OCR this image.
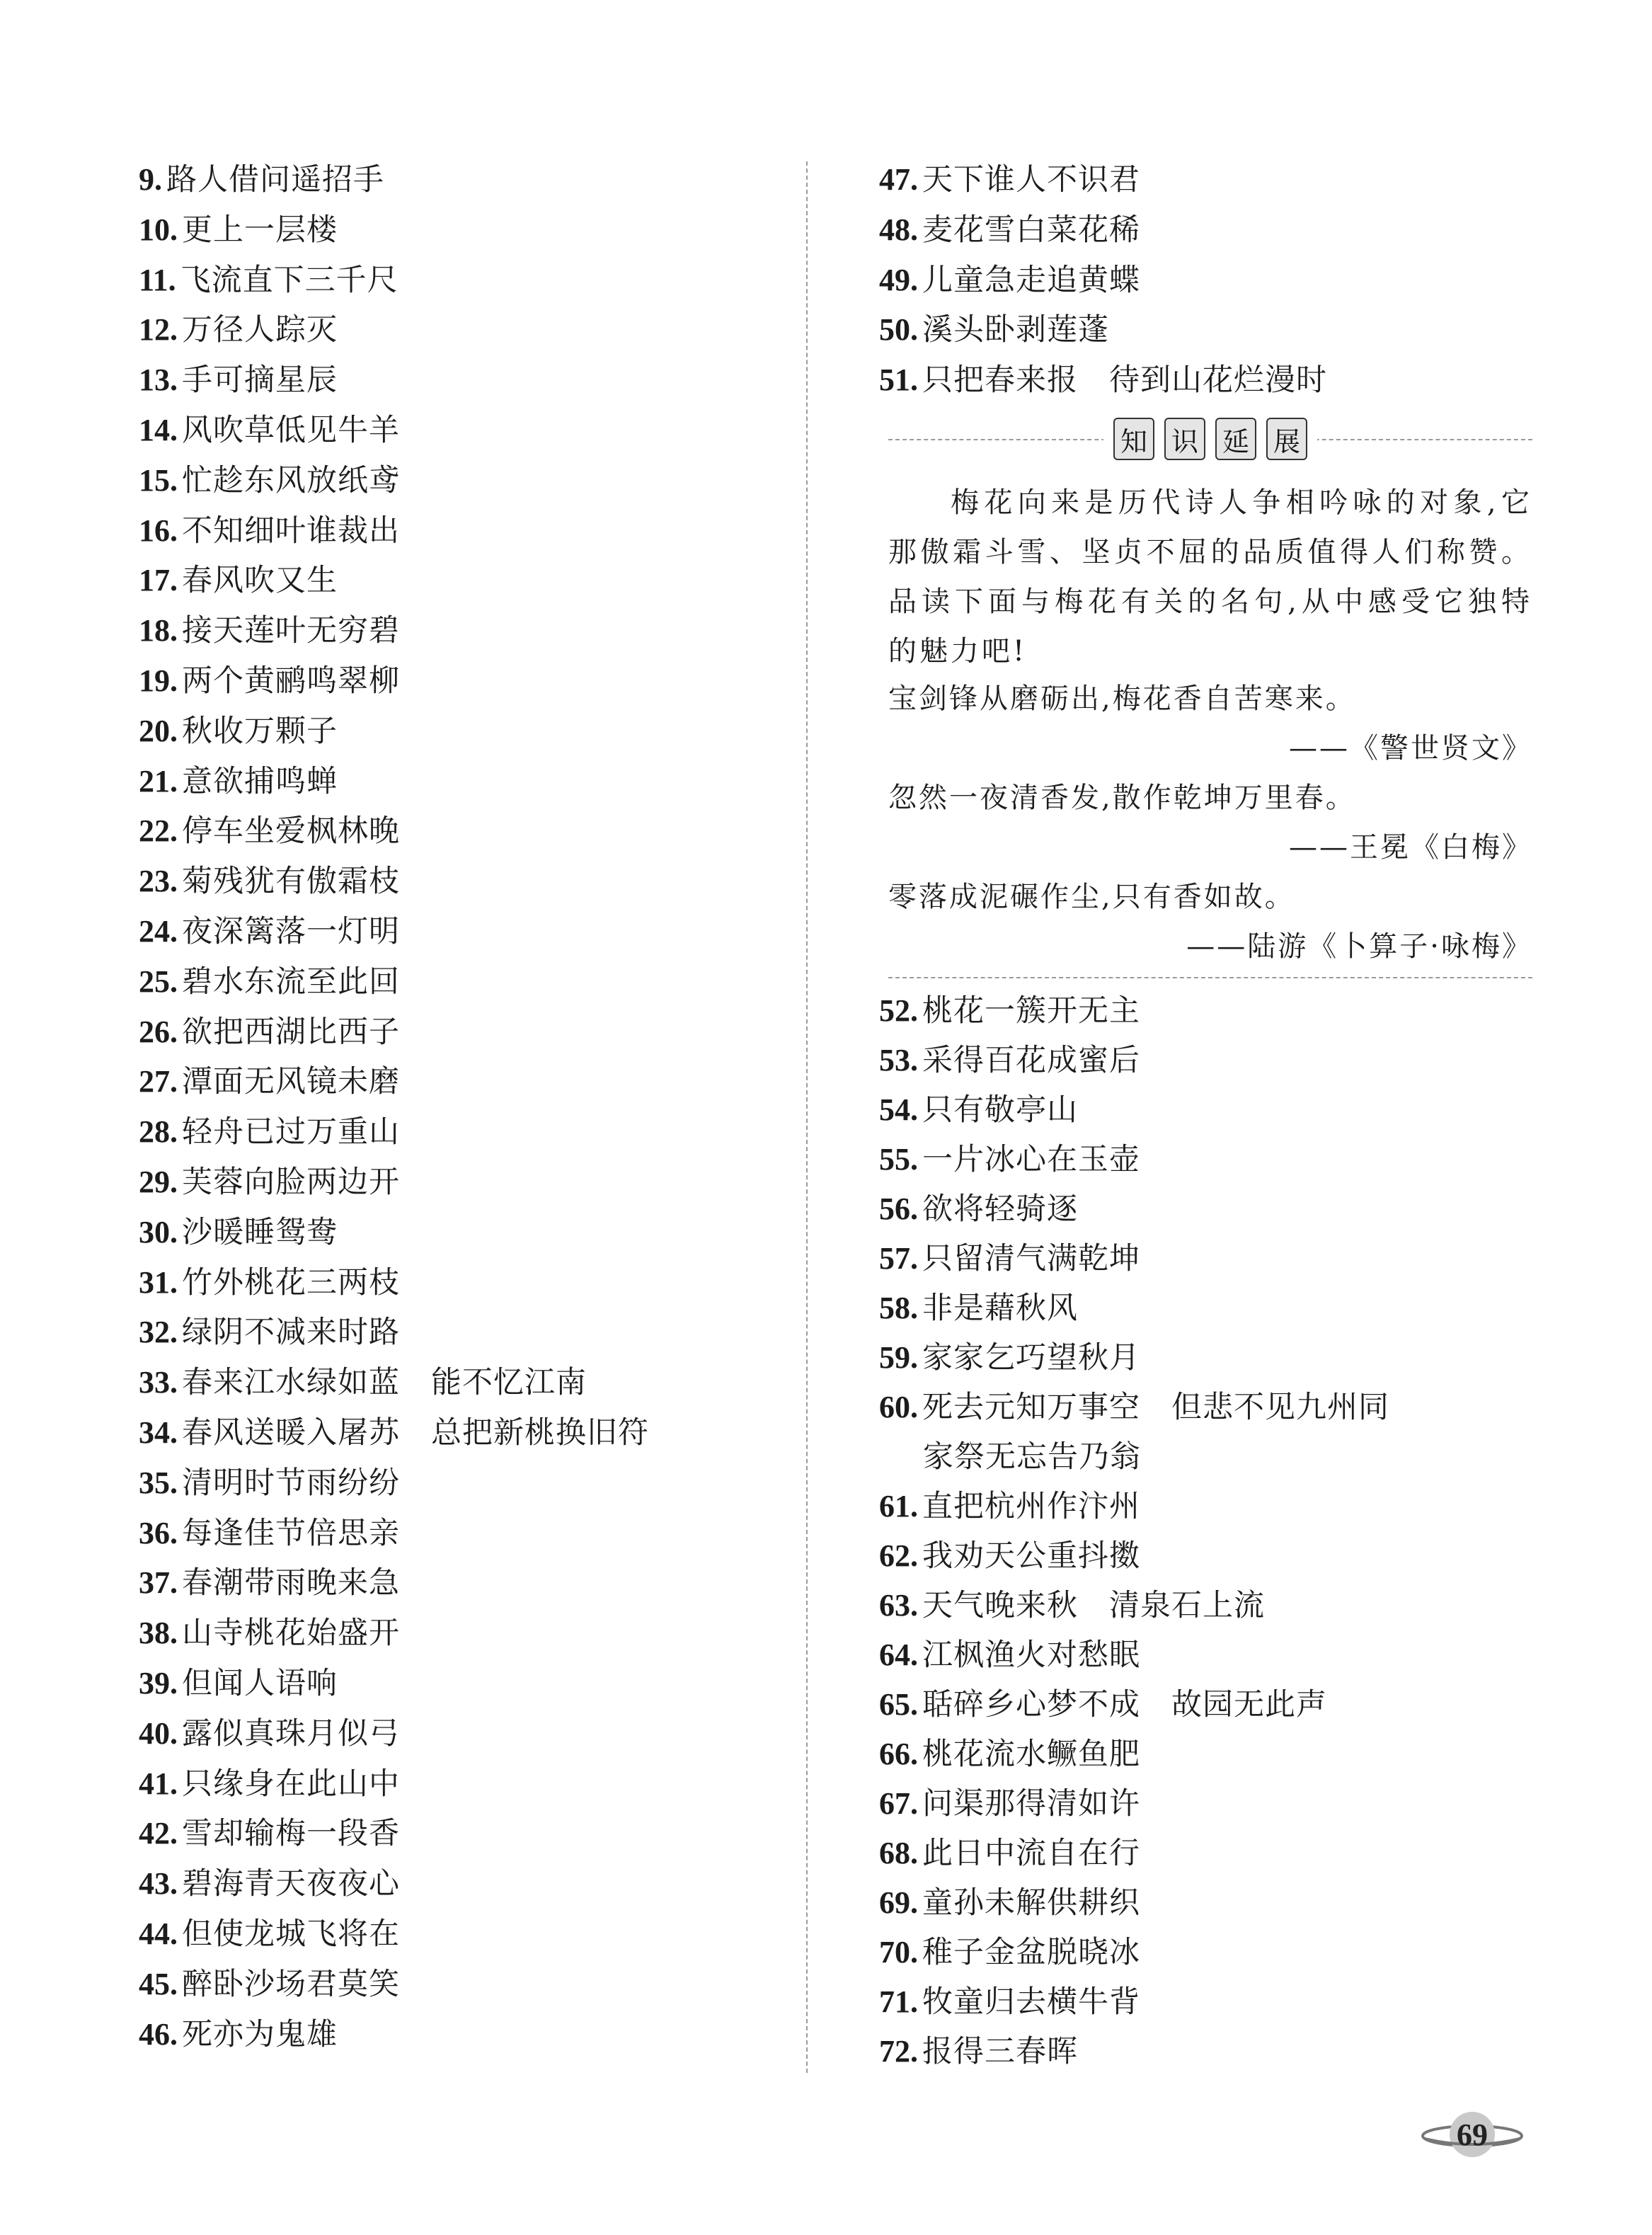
9. 路人借问遥招手
10. 更上一层楼
11. 飞流直下三千尺
12. 万径人踪灭
13. 手可摘星辰
14. 风吹草低见牛羊
15. 忙趁东风放纸鸢
16. 不知细叶谁裁出
17. 春风吹又生
18. 接天莲叶无穷碧
19. 两个黄鹂鸣翠柳
20. 秋收万颗子
21. 意欲捕鸣蝉
22. 停车坐爱枫林晚
23. 菊残犹有傲霜枝
24. 夜深篱落一灯明
25. 碧水东流至此回
26. 欲把西湖比西子
27. 潭面无风镜未磨
28. 轻舟已过万重山
29. 芙蓉向脸两边开
30. 沙暖睡鸳鸯
31. 竹外桃花三两枝
32. 绿阴不减来时路
33. 春来江水绿如蓝 能不忆江南
34. 春风送暖入屠苏 总把新桃换旧符
35. 清明时节雨纷纷
36. 每逢佳节倍思亲
37. 春潮带雨晚来急
38. 山寺桃花始盛开
39. 但闻人语响
40. 露似真珠月似弓
41. 只缘身在此山中
42. 雪却输梅一段香
43. 碧海青天夜夜心
44. 但使龙城飞将在
45. 醉卧沙场君莫笑
46. 死亦为鬼雄
47. 天下谁人不识君
48. 麦花雪白菜花稀
49. 儿童急走追黄蝶
50. 溪头卧剥莲蓬
51. 只把春来报 待到山花烂漫时
52. 桃花一簇开无主
53. 采得百花成蜜后
54. 只有敬亭山
55. 一片冰心在玉壶
56. 欲将轻骑逐
57. 只留清气满乾坤
58. 非是藉秋风
59. 家家乞巧望秋月
60. 死去元知万事空 但悲不见九州同
家祭无忘告乃翁
61. 直把杭州作汴州
62. 我劝天公重抖擞
63. 天气晚来秋 清泉石上流
64. 江枫渔火对愁眠
65. 聒碎乡心梦不成 故园无此声
66. 桃花流水鳜鱼肥
67. 问渠那得清如许
68. 此日中流自在行
69. 童孙未解供耕织
70. 稚子金盆脱晓冰
71. 牧童归去横牛背
72. 报得三春晖
知 识 延 展
梅花向来是历代诗人争相吟咏的对象,它
那傲霜斗雪、坚贞不屈的品质值得人们称赞。
品读下面与梅花有关的名句,从中感受它独特
的魅力吧!
宝剑锋从磨砺出,梅花香自苦寒来。
——《警世贤文》
忽然一夜清香发,散作乾坤万里春。
——王冕《白梅》
零落成泥碾作尘,只有香如故。
——陆游《卜算子·咏梅》
69
